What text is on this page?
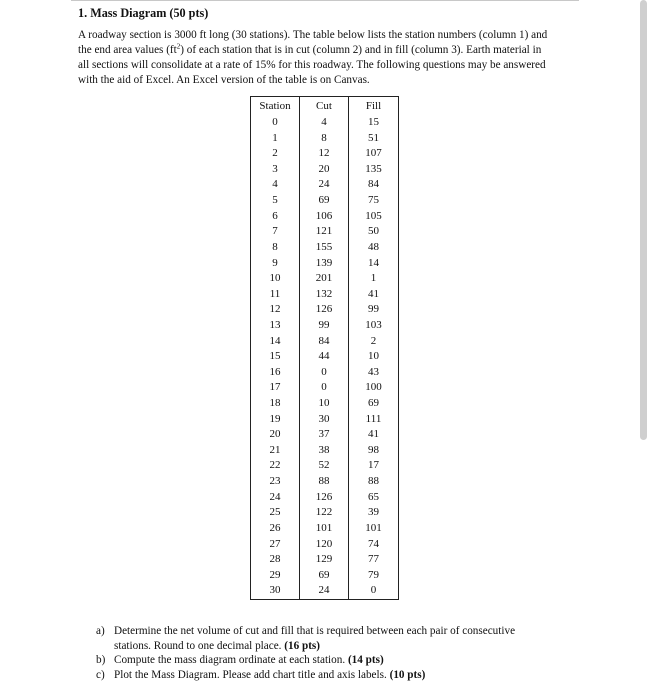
1. Mass Diagram (50 pts)

A roadway section is 3000 ft long (30 stations). The table below lists the station numbers (column 1) and

the end area values $(ft^2)$ of each station that is in cut (column 2) and in fill (column 3). Earth material in

all sections will consolidate at a rate of 15% for this roadway. The following questions may be answered

with the aid of Excel. An Excel version of the table is on Canvas.

Station	Cut	Fill
0	4	15
1	8	51
2	12	107
3	20	135
4	24	84
5	69	75
6	106	105
7	121	50
8	155	48
9	139	14
10	201	1
11	132	41
12	126	99
13	99	103
14	84	2
15	44	10
16	0	43
17	0	100
18	10	69
19	30	111
20	37	41
21	38	98
22	52	17
23	88	88
24	126	65
25	122	39
26	101	101
27	120	74
28	129	77
29	69	79
30	24	0
a) Determine the net volume of cut and fill that is required between each pair of consecutive
stations. Round to one decimal place. (16 pts)
b) Compute the mass diagram ordinate at each station. (14 pts)
c) Plot the Mass Diagram. Please add chart title and axis labels. (10 pts)
